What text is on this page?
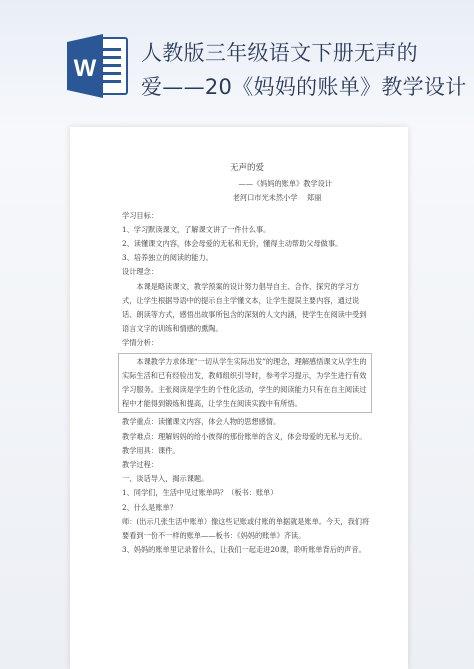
W
人教版三年级语文下册无声的
爱——20《妈妈的账单》教学设计
无声的爱
——《妈妈的账单》教学设计
老河口市光未然小学　 郑丽
学习目标：
1、学习默读课文，了解课文讲了一件什么事。
2、读懂课文内容，体会母爱的无私和无价，懂得主动帮助父母做事。
3、培养独立的阅读的能力。
设计理念：
本课是略读课文，教学预案的设计努力倡导自主、合作、探究的学习方式，让学生根据导语中的提示自主学懂文本，让学生提误主要内容，通过说话、朗读等方式，感悟出故事所包含的深刻的人文内涵，使学生在阅读中受到语言文字的训练和情感的熏陶。
学情分析：
本课教学力求体现“一切从学生实际出发”的理念，理解感悟课文从学生的实际生活和已有经验出发，教师组织引导时，参考学习提示，为学生进行有效学习服务。主张阅读是学生的个性化活动，学生的阅读能力只有在自主阅读过程中才能得到锻炼和提高，让学生在阅读实践中有所悟。
教学重点：读懂课文内容，体会人物的思想感情。
教学难点：理解妈妈的给小彼得的那份账单的含义，体会母爱的无私与无价。
教学用具：课件。
教学过程：
一、谈话导入，揭示课题。
1、同学们，生活中见过账单吗？（板书：账单）
2、什么是账单？
师：(出示几张生活中账单）像这些记账或付账的单据就是账单。今天，我们将要看到一份不一样的账单——板书：《妈妈的账单》齐读。
3、妈妈的账单里记录着什么，让我们一起走进20课，聆听账单背后的声音。
